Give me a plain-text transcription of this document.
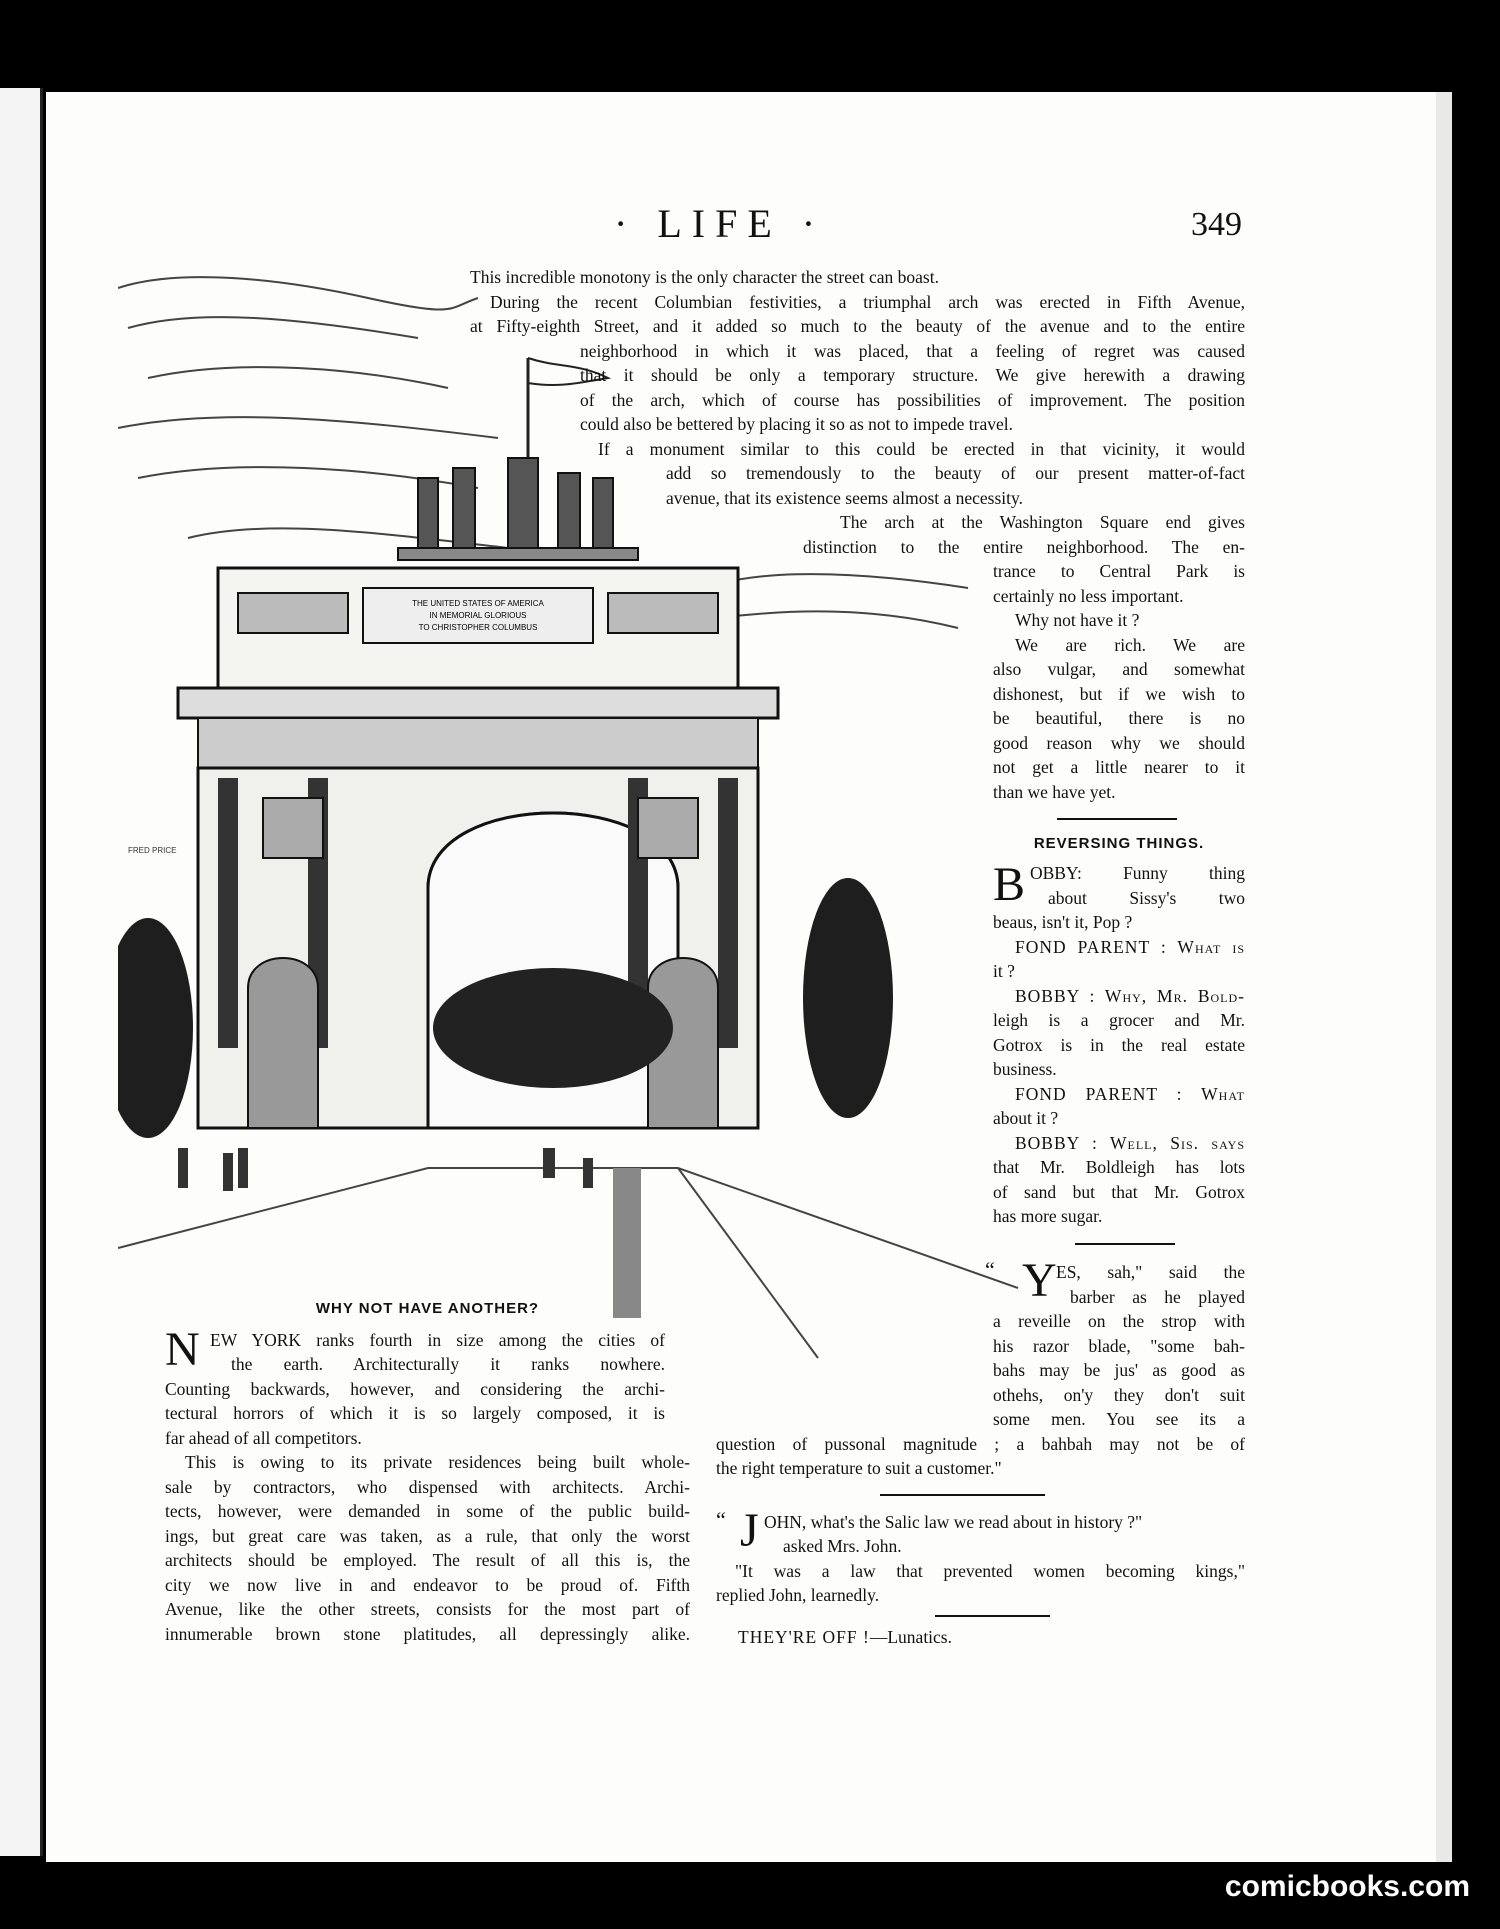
· LIFE ·	349
THE UNITED STATES OF AMERICA
IN MEMORIAL GLORIOUS
TO CHRISTOPHER COLUMBUS
FRED PRICE
This incredible monotony is the only character the street can boast.
During the recent Columbian festivities, a triumphal arch was erected in Fifth Avenue,
at Fifty-eighth Street, and it added so much to the beauty of the avenue and to the entire
neighborhood in which it was placed, that a feeling of regret was caused
that it should be only a temporary structure. We give herewith a drawing
of the arch, which of course has possibilities of improvement. The position
could also be bettered by placing it so as not to impede travel.
If a monument similar to this could be erected in that vicinity, it would
add so tremendously to the beauty of our present matter-of-fact
avenue, that its existence seems almost a necessity.
The arch at the Washington Square end gives
distinction to the entire neighborhood. The en-
trance to Central Park is
certainly no less important.
Why not have it ?
We are rich. We are
also vulgar, and somewhat
dishonest, but if we wish to
be beautiful, there is no
good reason why we should
not get a little nearer to it
than we have yet.
REVERSING THINGS.
B OBBY: Funny thing
about Sissy's two
beaus, isn't it, Pop ?
FOND PARENT : What is
it ?
BOBBY : Why, Mr. Bold-
leigh is a grocer and Mr.
Gotrox is in the real estate
business.
FOND PARENT : What
about it ?
BOBBY : Well, Sis. says
that Mr. Boldleigh has lots
of sand but that Mr. Gotrox
has more sugar.
“ Y ES, sah," said the
barber as he played
a reveille on the strop with
his razor blade, "some bah-
bahs may be jus' as good as
othehs, on'y they don't suit
some men. You see its a
question of pussonal magnitude ; a bahbah may not be of
the right temperature to suit a customer."
“ J OHN, what's the Salic law we read about in history ?"
asked Mrs. John.
"It was a law that prevented women becoming kings,"
replied John, learnedly.
THEY'RE OFF !—Lunatics.
WHY NOT HAVE ANOTHER?
N EW YORK ranks fourth in size among the cities of
the earth. Architecturally it ranks nowhere.
Counting backwards, however, and considering the archi-
tectural horrors of which it is so largely composed, it is
far ahead of all competitors.
This is owing to its private residences being built whole-
sale by contractors, who dispensed with architects. Archi-
tects, however, were demanded in some of the public build-
ings, but great care was taken, as a rule, that only the worst
architects should be employed. The result of all this is, the
city we now live in and endeavor to be proud of. Fifth
Avenue, like the other streets, consists for the most part of
innumerable brown stone platitudes, all depressingly alike.
comicbooks.com
